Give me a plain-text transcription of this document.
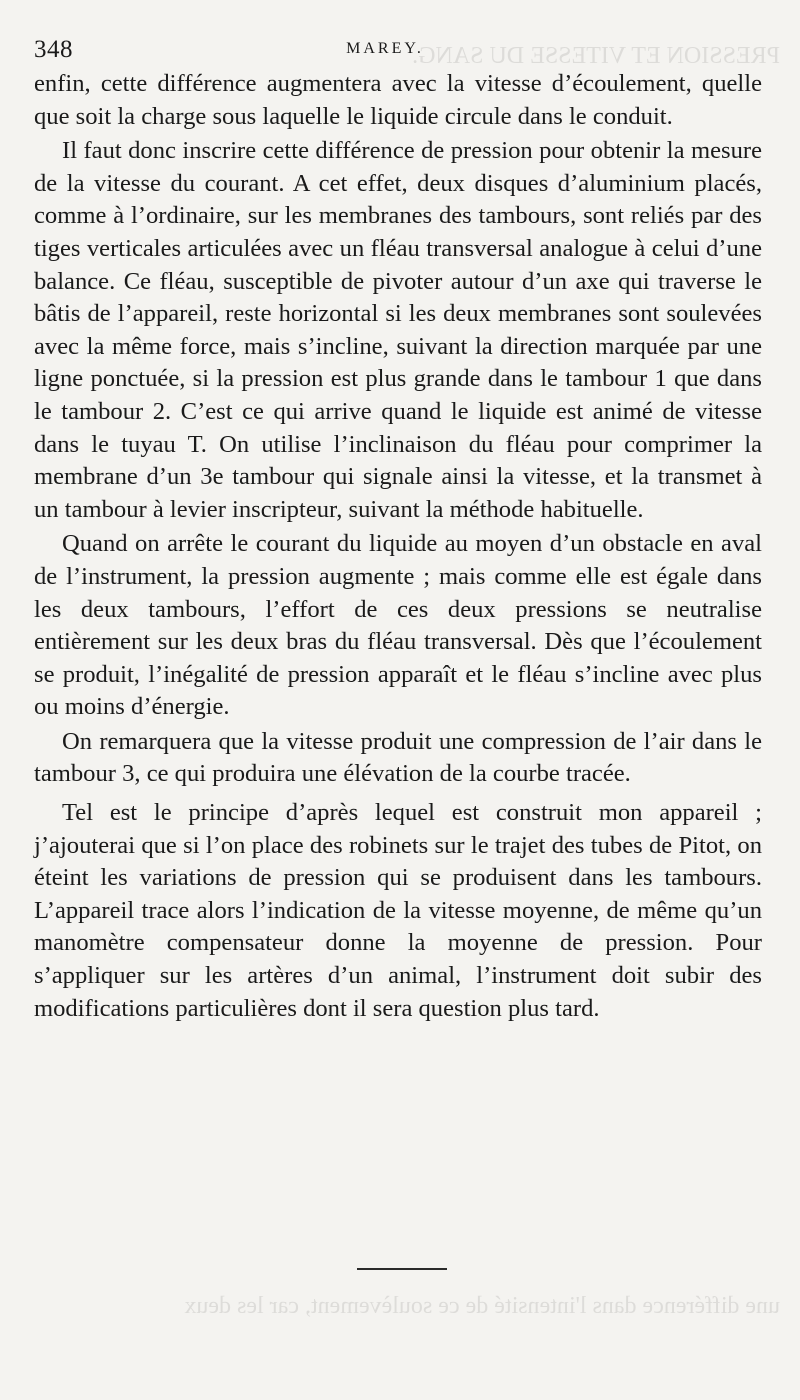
PRESSION ET VITESSE DU SANG.
une différence dans l'intensité de ce soulèvement, car les deux
348	MAREY.

enfin, cette différence augmentera avec la vitesse d’écoulement, quelle que soit la charge sous laquelle le liquide circule dans le conduit.

Il faut donc inscrire cette différence de pression pour obtenir la mesure de la vitesse du courant. A cet effet, deux disques d’aluminium placés, comme à l’ordinaire, sur les membranes des tambours, sont reliés par des tiges verticales articulées avec un fléau transversal analogue à celui d’une balance. Ce fléau, susceptible de pivoter autour d’un axe qui traverse le bâtis de l’appareil, reste horizontal si les deux membranes sont soulevées avec la même force, mais s’incline, suivant la direction marquée par une ligne ponctuée, si la pression est plus grande dans le tambour 1 que dans le tambour 2. C’est ce qui arrive quand le liquide est animé de vitesse dans le tuyau T. On utilise l’inclinaison du fléau pour comprimer la membrane d’un 3e tambour qui signale ainsi la vitesse, et la transmet à un tambour à levier inscripteur, suivant la méthode habituelle.

Quand on arrête le courant du liquide au moyen d’un obstacle en aval de l’instrument, la pression augmente ; mais comme elle est égale dans les deux tambours, l’effort de ces deux pressions se neutralise entièrement sur les deux bras du fléau transversal. Dès que l’écoulement se produit, l’inégalité de pression apparaît et le fléau s’incline avec plus ou moins d’énergie.

On remarquera que la vitesse produit une compression de l’air dans le tambour 3, ce qui produira une élévation de la courbe tracée.

Tel est le principe d’après lequel est construit mon appareil ; j’ajouterai que si l’on place des robinets sur le trajet des tubes de Pitot, on éteint les variations de pression qui se produisent dans les tambours. L’appareil trace alors l’indication de la vitesse moyenne, de même qu’un manomètre compensateur donne la moyenne de pression. Pour s’appliquer sur les artères d’un animal, l’instrument doit subir des modifications particulières dont il sera question plus tard.
